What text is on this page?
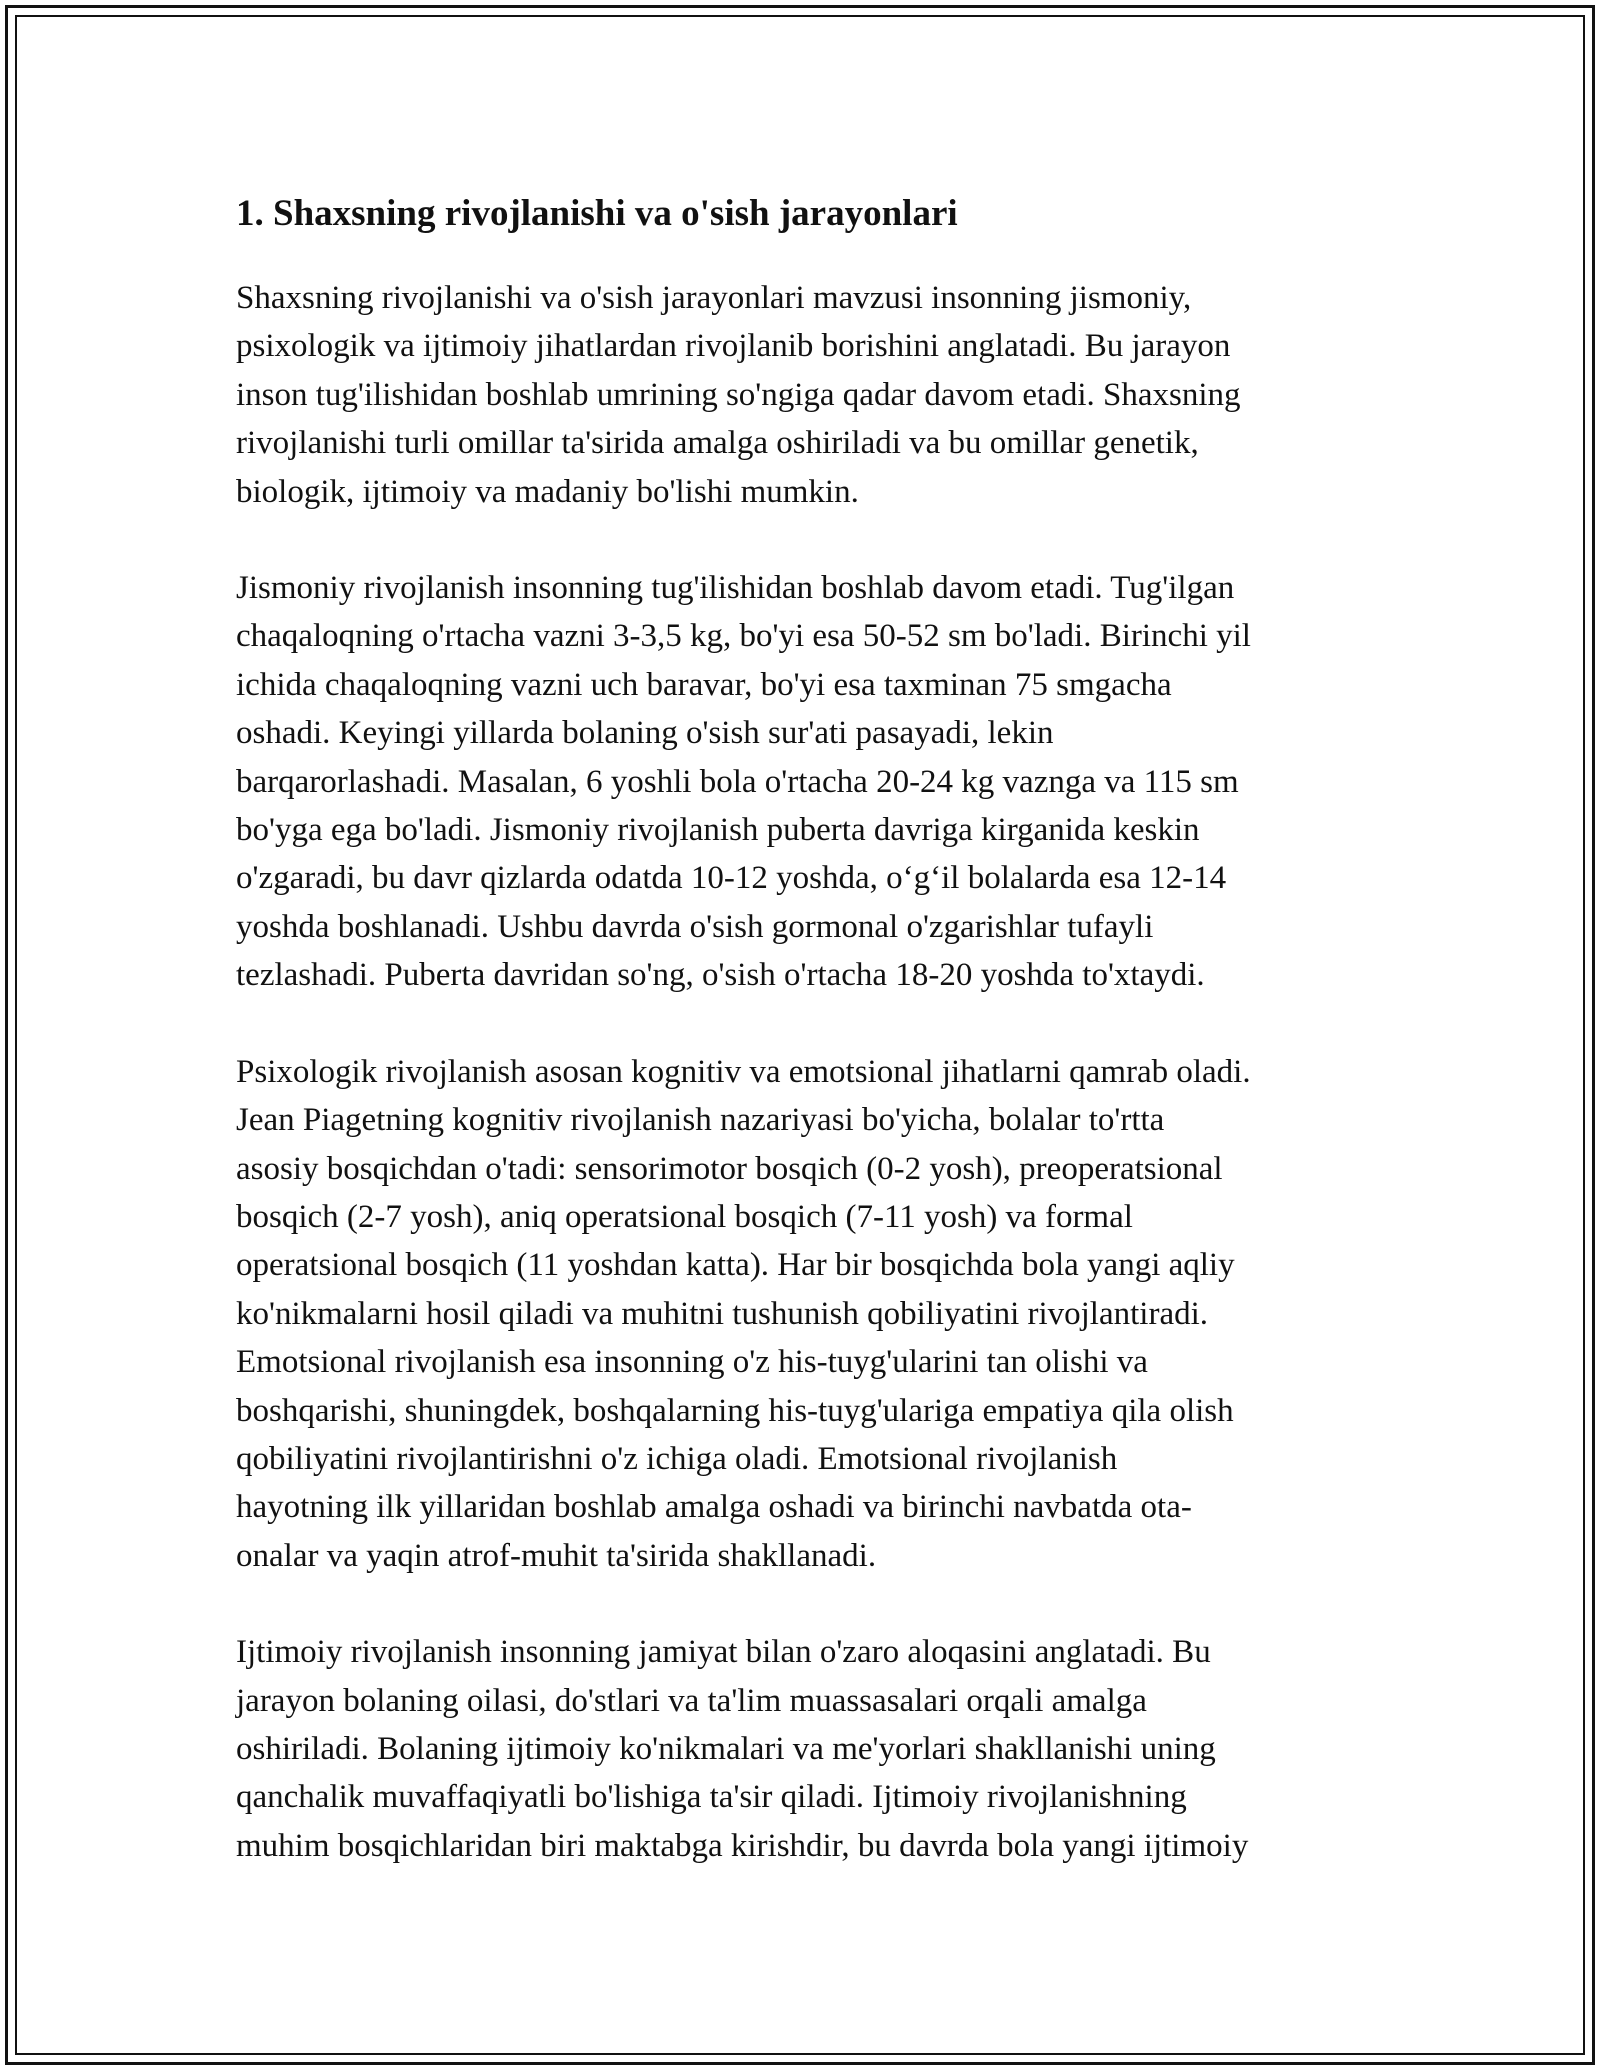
1. Shaxsning rivojlanishi va o'sish jarayonlari

Shaxsning rivojlanishi va o'sish jarayonlari mavzusi insonning jismoniy,
psixologik va ijtimoiy jihatlardan rivojlanib borishini anglatadi. Bu jarayon
inson tug'ilishidan boshlab umrining so'ngiga qadar davom etadi. Shaxsning
rivojlanishi turli omillar ta'sirida amalga oshiriladi va bu omillar genetik,
biologik, ijtimoiy va madaniy bo'lishi mumkin.

Jismoniy rivojlanish insonning tug'ilishidan boshlab davom etadi. Tug'ilgan
chaqaloqning o'rtacha vazni 3-3,5 kg, bo'yi esa 50-52 sm bo'ladi. Birinchi yil
ichida chaqaloqning vazni uch baravar, bo'yi esa taxminan 75 smgacha
oshadi. Keyingi yillarda bolaning o'sish sur'ati pasayadi, lekin
barqarorlashadi. Masalan, 6 yoshli bola o'rtacha 20-24 kg vaznga va 115 sm
bo'yga ega bo'ladi. Jismoniy rivojlanish puberta davriga kirganida keskin
o'zgaradi, bu davr qizlarda odatda 10-12 yoshda, o‘g‘il bolalarda esa 12-14
yoshda boshlanadi. Ushbu davrda o'sish gormonal o'zgarishlar tufayli
tezlashadi. Puberta davridan so'ng, o'sish o'rtacha 18-20 yoshda to'xtaydi.

Psixologik rivojlanish asosan kognitiv va emotsional jihatlarni qamrab oladi.
Jean Piagetning kognitiv rivojlanish nazariyasi bo'yicha, bolalar to'rtta
asosiy bosqichdan o'tadi: sensorimotor bosqich (0-2 yosh), preoperatsional
bosqich (2-7 yosh), aniq operatsional bosqich (7-11 yosh) va formal
operatsional bosqich (11 yoshdan katta). Har bir bosqichda bola yangi aqliy
ko'nikmalarni hosil qiladi va muhitni tushunish qobiliyatini rivojlantiradi.
Emotsional rivojlanish esa insonning o'z his-tuyg'ularini tan olishi va
boshqarishi, shuningdek, boshqalarning his-tuyg'ulariga empatiya qila olish
qobiliyatini rivojlantirishni o'z ichiga oladi. Emotsional rivojlanish
hayotning ilk yillaridan boshlab amalga oshadi va birinchi navbatda ota-
onalar va yaqin atrof-muhit ta'sirida shakllanadi.

Ijtimoiy rivojlanish insonning jamiyat bilan o'zaro aloqasini anglatadi. Bu
jarayon bolaning oilasi, do'stlari va ta'lim muassasalari orqali amalga
oshiriladi. Bolaning ijtimoiy ko'nikmalari va me'yorlari shakllanishi uning
qanchalik muvaffaqiyatli bo'lishiga ta'sir qiladi. Ijtimoiy rivojlanishning
muhim bosqichlaridan biri maktabga kirishdir, bu davrda bola yangi ijtimoiy
